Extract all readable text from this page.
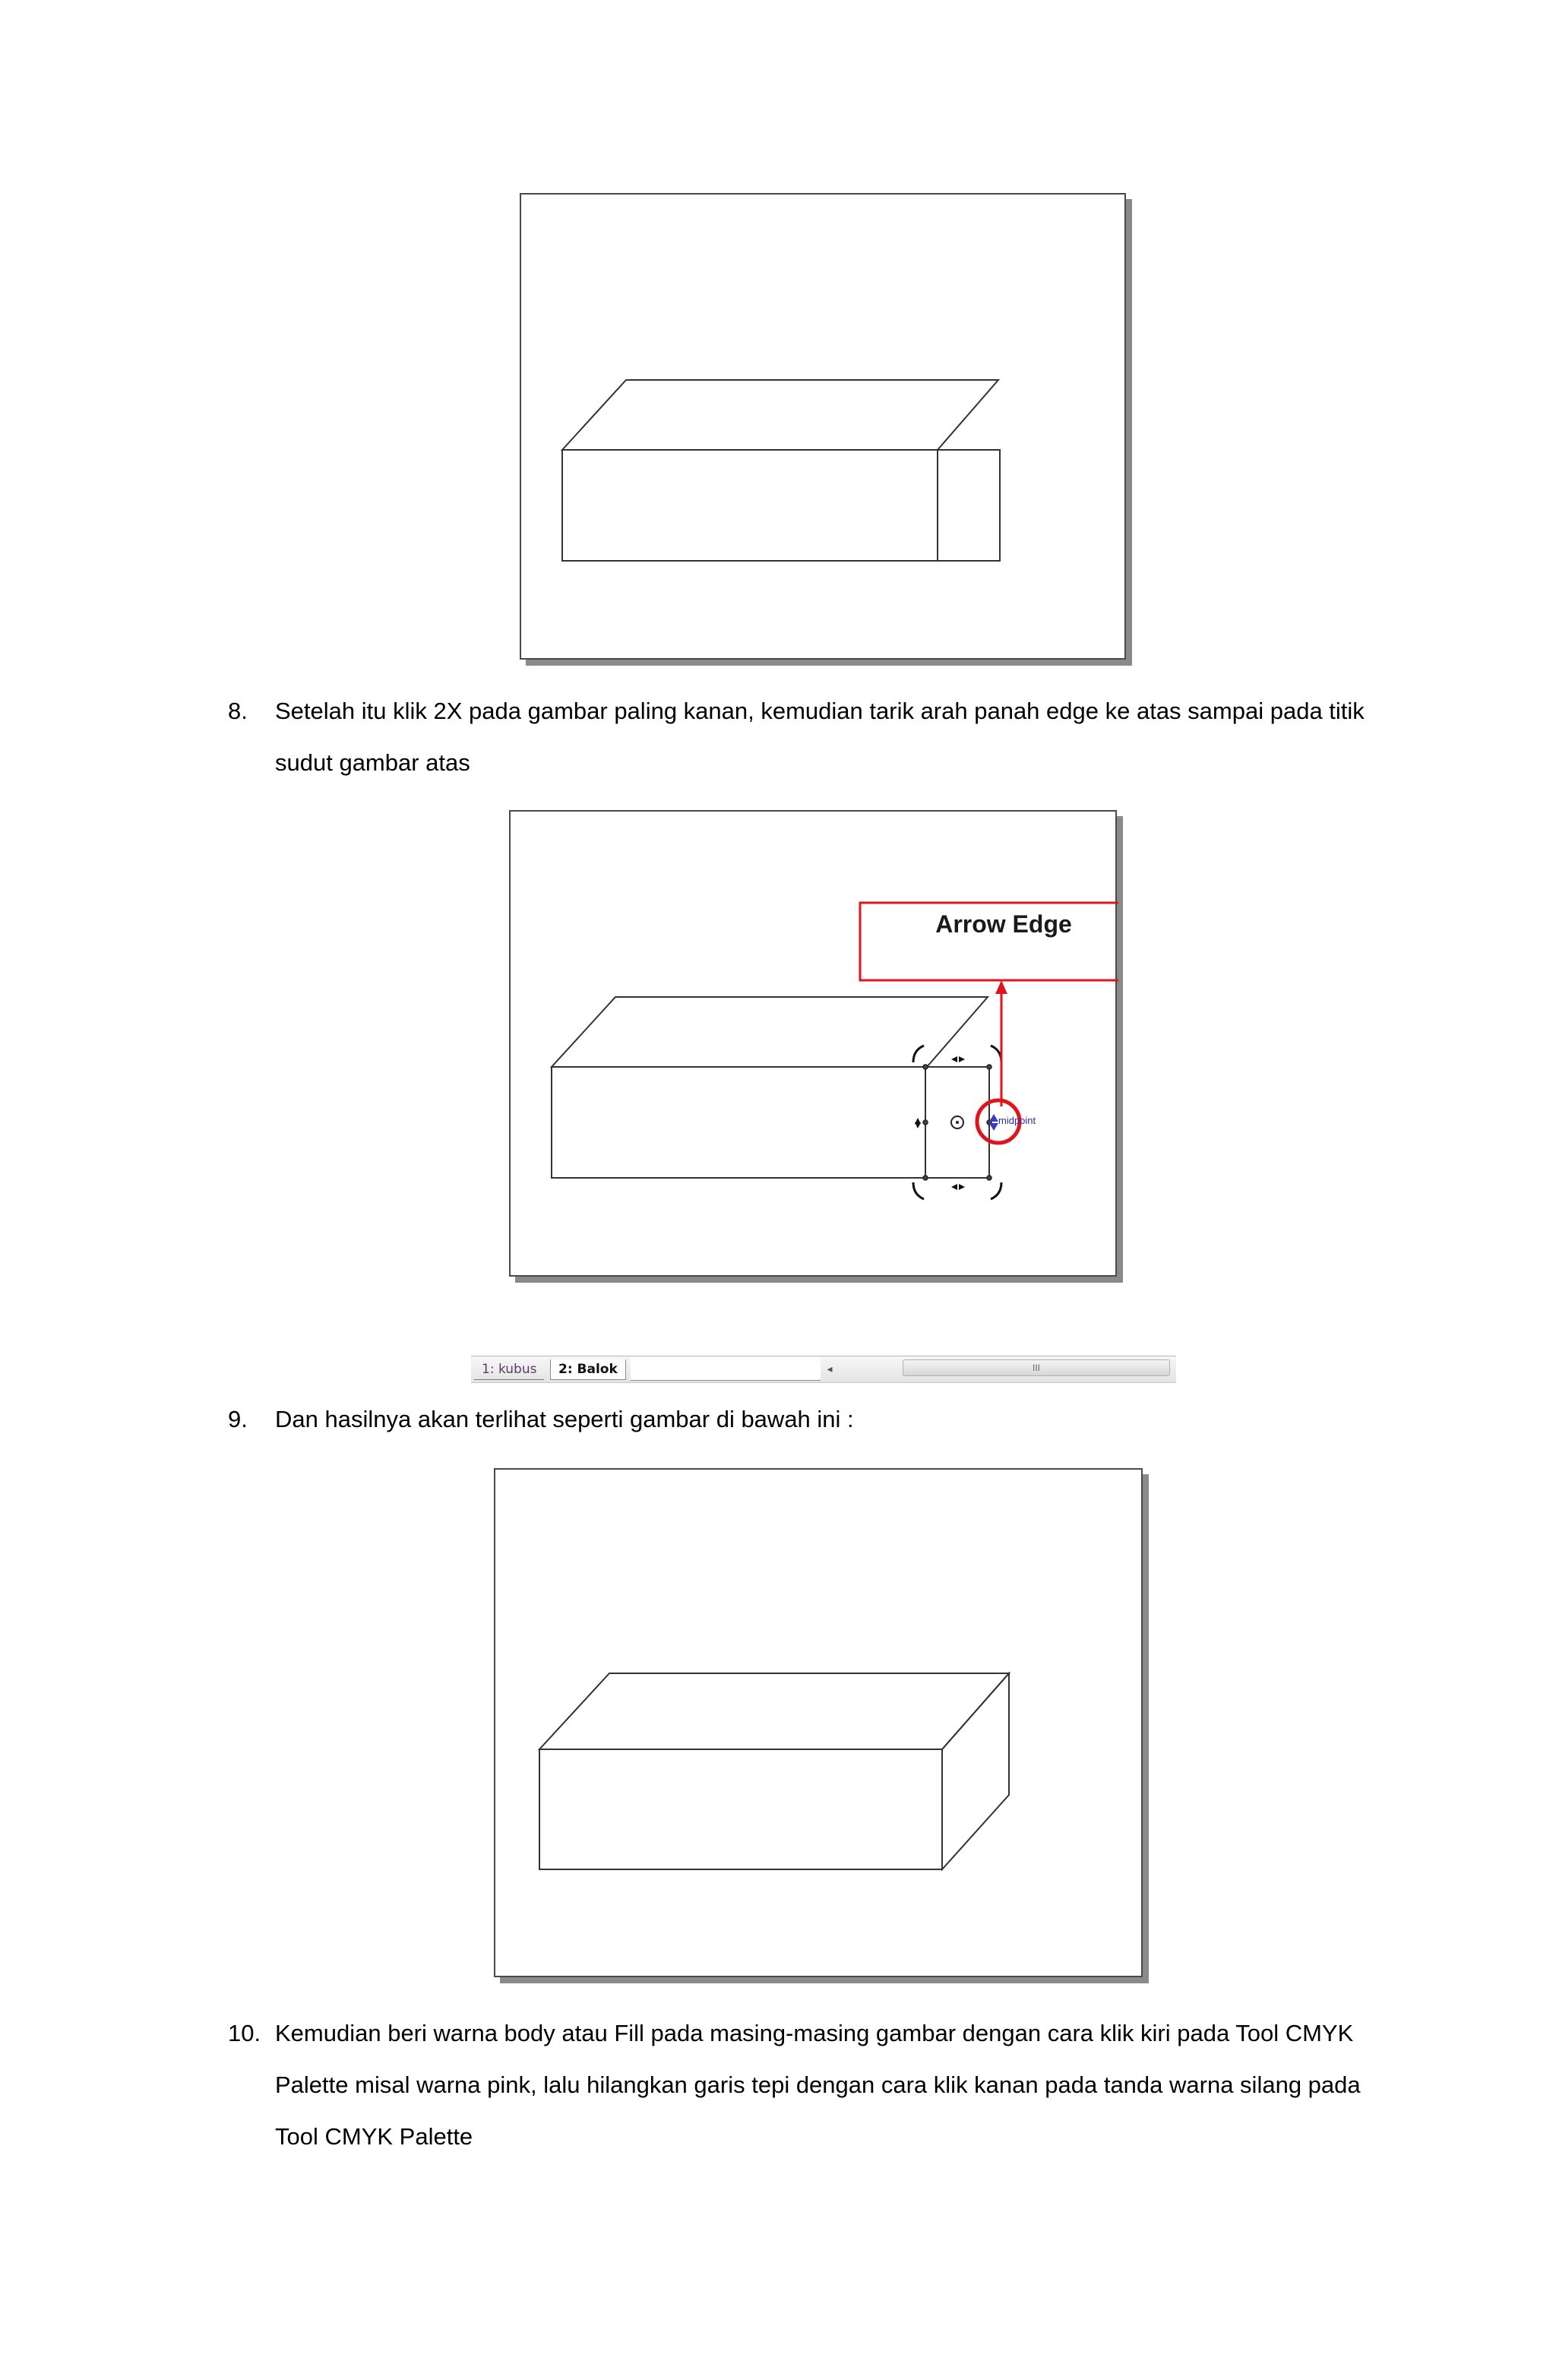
8. Setelah itu klik 2X pada gambar paling kanan, kemudian tarik arah panah edge ke atas sampai pada titik sudut gambar atas
Arrow Edge
midpoint
1: kubus	2: Balok	◂	III
9. Dan hasilnya akan terlihat seperti gambar di bawah ini :
10. Kemudian beri warna body atau Fill pada masing-masing gambar dengan cara klik kiri pada Tool CMYK Palette misal warna pink, lalu hilangkan garis tepi dengan cara klik kanan pada tanda warna silang pada Tool CMYK Palette
